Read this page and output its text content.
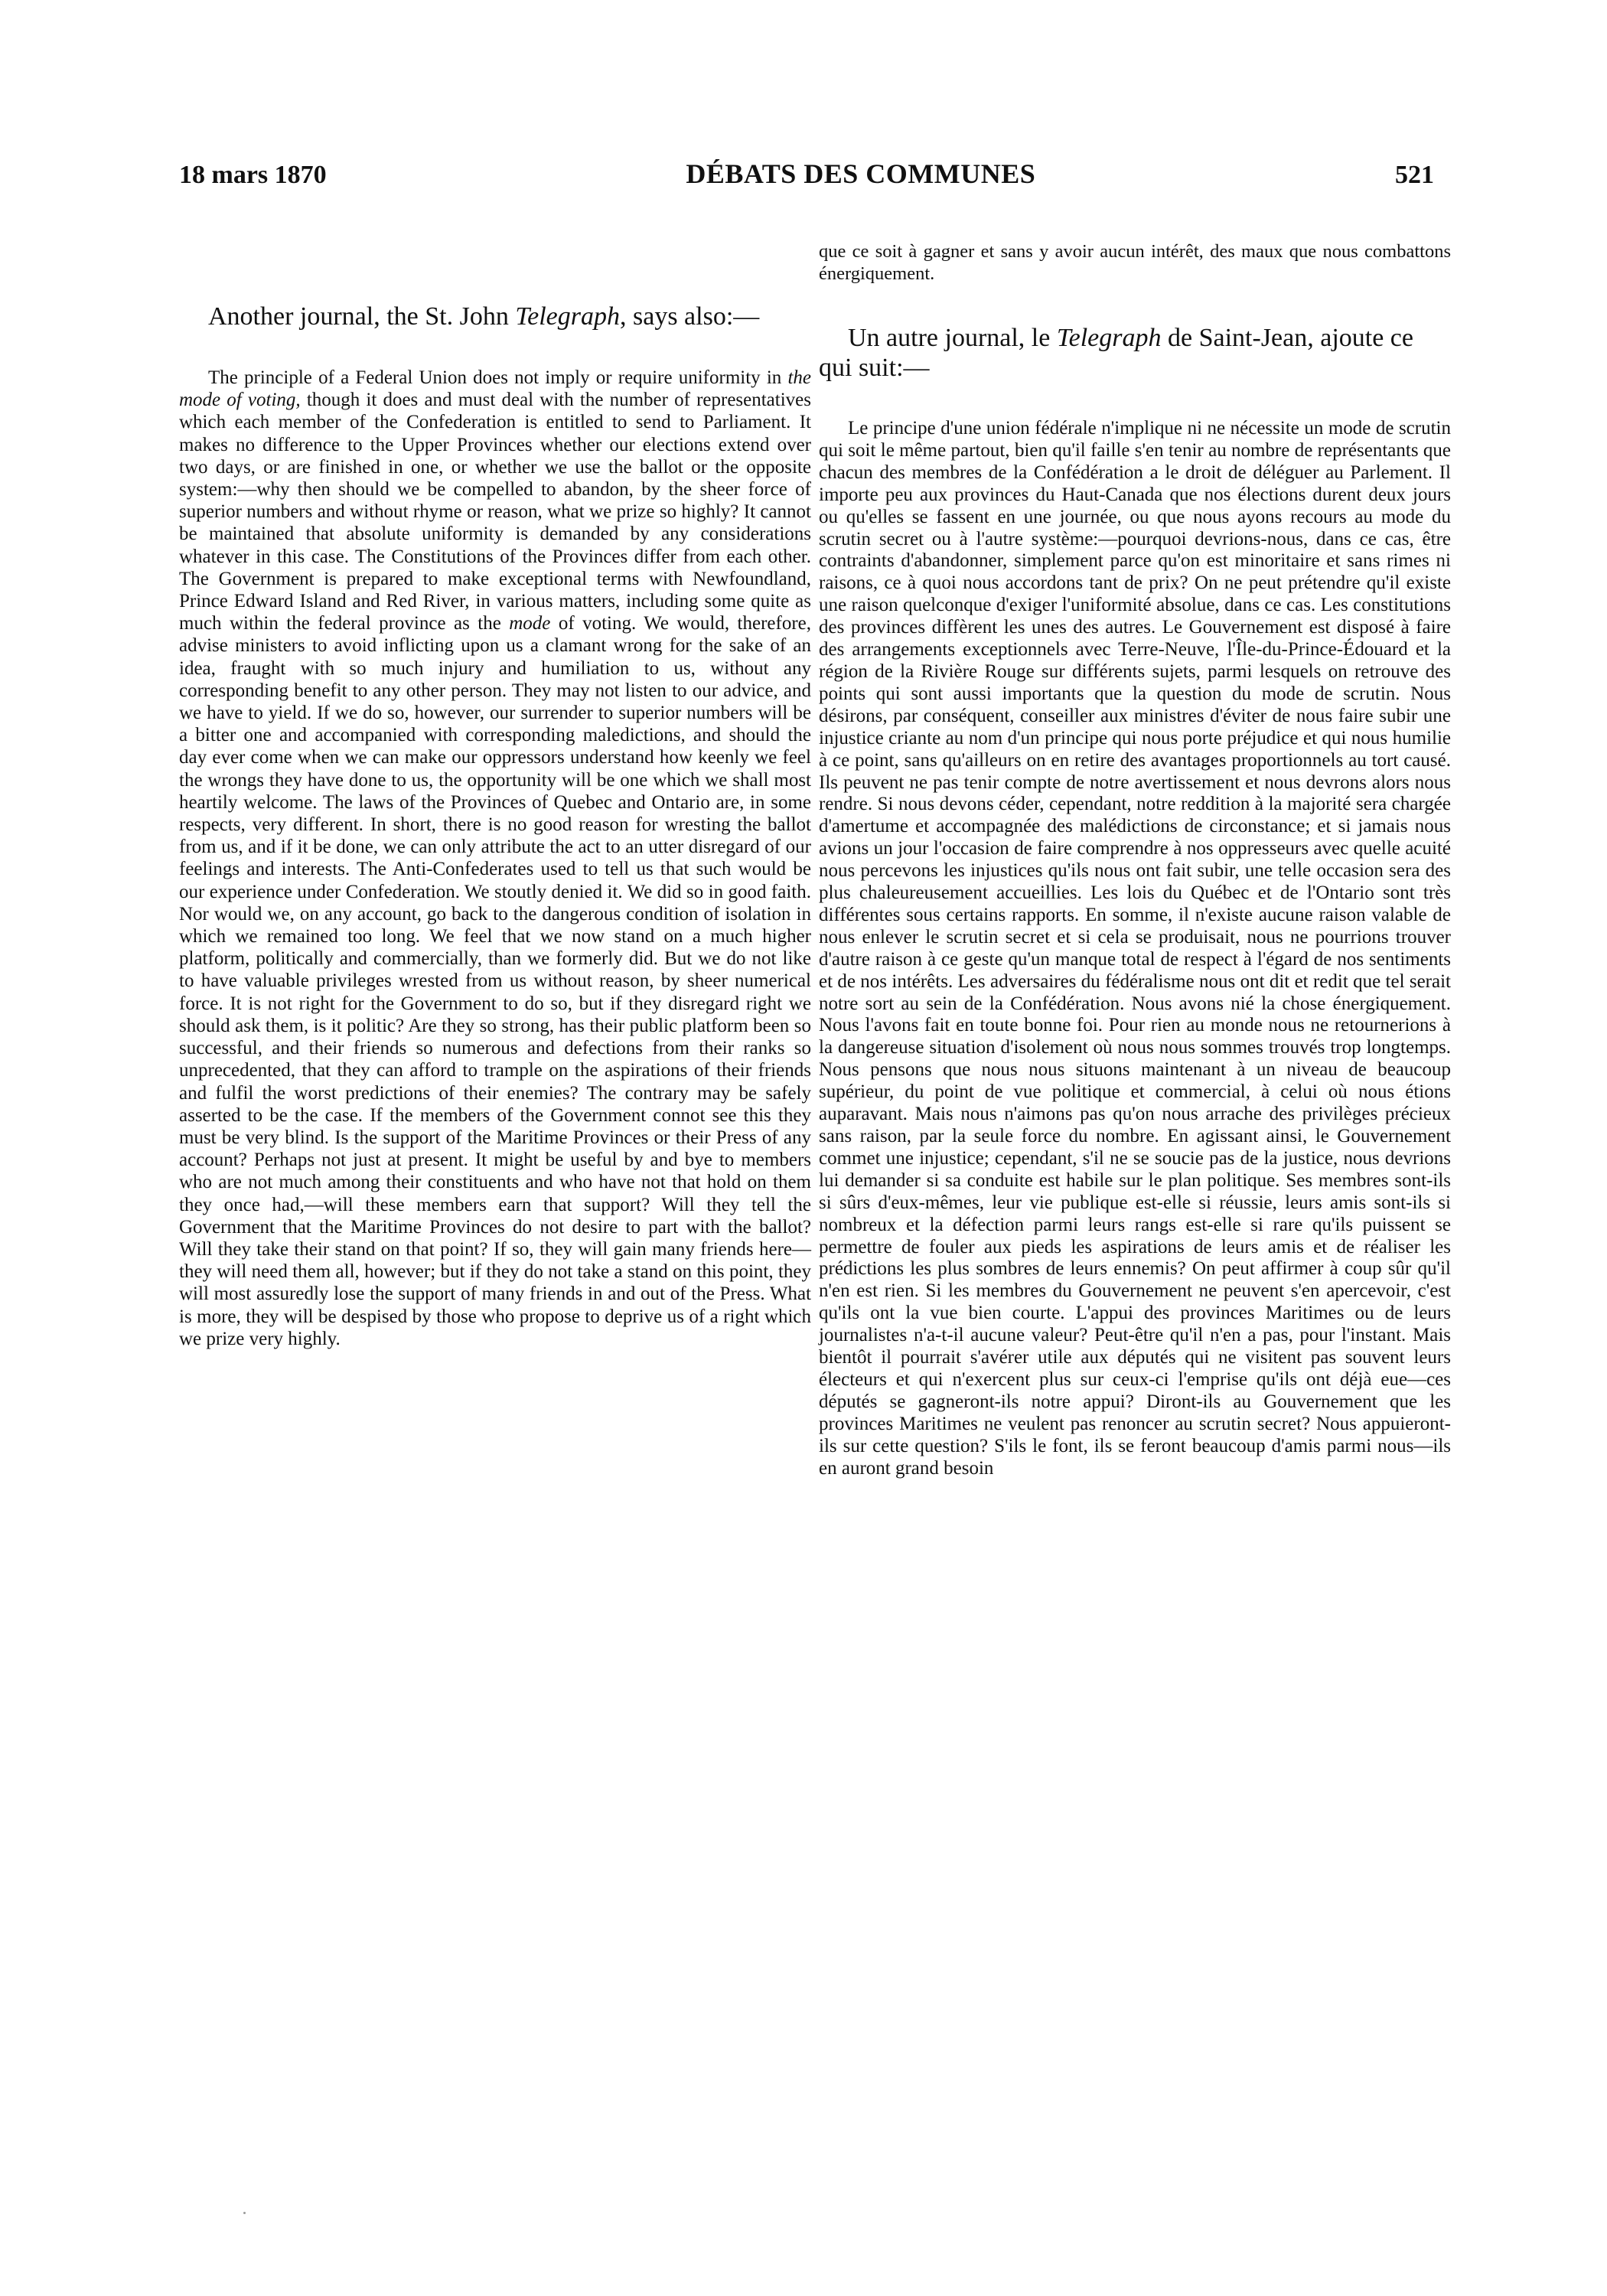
18 mars 1870	DÉBATS DES COMMUNES	521

Another journal, the St. John Telegraph, says also:—

The principle of a Federal Union does not imply or require uniformity in the mode of voting, though it does and must deal with the number of representatives which each member of the Confederation is entitled to send to Parliament. It makes no difference to the Upper Provinces whether our elections extend over two days, or are finished in one, or whether we use the ballot or the opposite system:—why then should we be compelled to abandon, by the sheer force of superior numbers and without rhyme or reason, what we prize so highly? It cannot be maintained that absolute uniformity is demanded by any considerations whatever in this case. The Constitutions of the Provinces differ from each other. The Government is prepared to make exceptional terms with Newfoundland, Prince Edward Island and Red River, in various matters, including some quite as much within the federal province as the mode of voting. We would, therefore, advise ministers to avoid inflicting upon us a clamant wrong for the sake of an idea, fraught with so much injury and humiliation to us, without any corresponding benefit to any other person. They may not listen to our advice, and we have to yield. If we do so, however, our surrender to superior numbers will be a bitter one and accompanied with corresponding maledictions, and should the day ever come when we can make our oppressors understand how keenly we feel the wrongs they have done to us, the opportunity will be one which we shall most heartily welcome. The laws of the Provinces of Quebec and Ontario are, in some respects, very different. In short, there is no good reason for wresting the ballot from us, and if it be done, we can only attribute the act to an utter disregard of our feelings and interests. The Anti-Confederates used to tell us that such would be our experience under Confederation. We stoutly denied it. We did so in good faith. Nor would we, on any account, go back to the dangerous condition of isolation in which we remained too long. We feel that we now stand on a much higher platform, politically and commercially, than we formerly did. But we do not like to have valuable privileges wrested from us without reason, by sheer numerical force. It is not right for the Government to do so, but if they disregard right we should ask them, is it politic? Are they so strong, has their public platform been so successful, and their friends so numerous and defections from their ranks so unprecedented, that they can afford to trample on the aspirations of their friends and fulfil the worst predictions of their enemies? The contrary may be safely asserted to be the case. If the members of the Government connot see this they must be very blind. Is the support of the Maritime Provinces or their Press of any account? Perhaps not just at present. It might be useful by and bye to members who are not much among their constituents and who have not that hold on them they once had,—will these members earn that support? Will they tell the Government that the Maritime Provinces do not desire to part with the ballot? Will they take their stand on that point? If so, they will gain many friends here—they will need them all, however; but if they do not take a stand on this point, they will most assuredly lose the support of many friends in and out of the Press. What is more, they will be despised by those who propose to deprive us of a right which we prize very highly.

que ce soit à gagner et sans y avoir aucun intérêt, des maux que nous combattons énergiquement.

Un autre journal, le Telegraph de Saint-Jean, ajoute ce qui suit:—

Le principe d'une union fédérale n'implique ni ne nécessite un mode de scrutin qui soit le même partout, bien qu'il faille s'en tenir au nombre de représentants que chacun des membres de la Confédération a le droit de déléguer au Parlement. Il importe peu aux provinces du Haut-Canada que nos élections durent deux jours ou qu'elles se fassent en une journée, ou que nous ayons recours au mode du scrutin secret ou à l'autre système:—pourquoi devrions-nous, dans ce cas, être contraints d'abandonner, simplement parce qu'on est minoritaire et sans rimes ni raisons, ce à quoi nous accordons tant de prix? On ne peut prétendre qu'il existe une raison quelconque d'exiger l'uniformité absolue, dans ce cas. Les constitutions des provinces diffèrent les unes des autres. Le Gouvernement est disposé à faire des arrangements exceptionnels avec Terre-Neuve, l'Île-du-Prince-Édouard et la région de la Rivière Rouge sur différents sujets, parmi lesquels on retrouve des points qui sont aussi importants que la question du mode de scrutin. Nous désirons, par conséquent, conseiller aux ministres d'éviter de nous faire subir une injustice criante au nom d'un principe qui nous porte préjudice et qui nous humilie à ce point, sans qu'ailleurs on en retire des avantages proportionnels au tort causé. Ils peuvent ne pas tenir compte de notre avertissement et nous devrons alors nous rendre. Si nous devons céder, cependant, notre reddition à la majorité sera chargée d'amertume et accompagnée des malédictions de circonstance; et si jamais nous avions un jour l'occasion de faire comprendre à nos oppresseurs avec quelle acuité nous percevons les injustices qu'ils nous ont fait subir, une telle occasion sera des plus chaleureusement accueillies. Les lois du Québec et de l'Ontario sont très différentes sous certains rapports. En somme, il n'existe aucune raison valable de nous enlever le scrutin secret et si cela se produisait, nous ne pourrions trouver d'autre raison à ce geste qu'un manque total de respect à l'égard de nos sentiments et de nos intérêts. Les adversaires du fédéralisme nous ont dit et redit que tel serait notre sort au sein de la Confédération. Nous avons nié la chose énergiquement. Nous l'avons fait en toute bonne foi. Pour rien au monde nous ne retournerions à la dangereuse situation d'isolement où nous nous sommes trouvés trop longtemps. Nous pensons que nous nous situons maintenant à un niveau de beaucoup supérieur, du point de vue politique et commercial, à celui où nous étions auparavant. Mais nous n'aimons pas qu'on nous arrache des privilèges précieux sans raison, par la seule force du nombre. En agissant ainsi, le Gouvernement commet une injustice; cependant, s'il ne se soucie pas de la justice, nous devrions lui demander si sa conduite est habile sur le plan politique. Ses membres sont-ils si sûrs d'eux-mêmes, leur vie publique est-elle si réussie, leurs amis sont-ils si nombreux et la défection parmi leurs rangs est-elle si rare qu'ils puissent se permettre de fouler aux pieds les aspirations de leurs amis et de réaliser les prédictions les plus sombres de leurs ennemis? On peut affirmer à coup sûr qu'il n'en est rien. Si les membres du Gouvernement ne peuvent s'en apercevoir, c'est qu'ils ont la vue bien courte. L'appui des provinces Maritimes ou de leurs journalistes n'a-t-il aucune valeur? Peut-être qu'il n'en a pas, pour l'instant. Mais bientôt il pourrait s'avérer utile aux députés qui ne visitent pas souvent leurs électeurs et qui n'exercent plus sur ceux-ci l'emprise qu'ils ont déjà eue—ces députés se gagneront-ils notre appui? Diront-ils au Gouvernement que les provinces Maritimes ne veulent pas renoncer au scrutin secret? Nous appuieront-ils sur cette question? S'ils le font, ils se feront beaucoup d'amis parmi nous—ils en auront grand besoin
